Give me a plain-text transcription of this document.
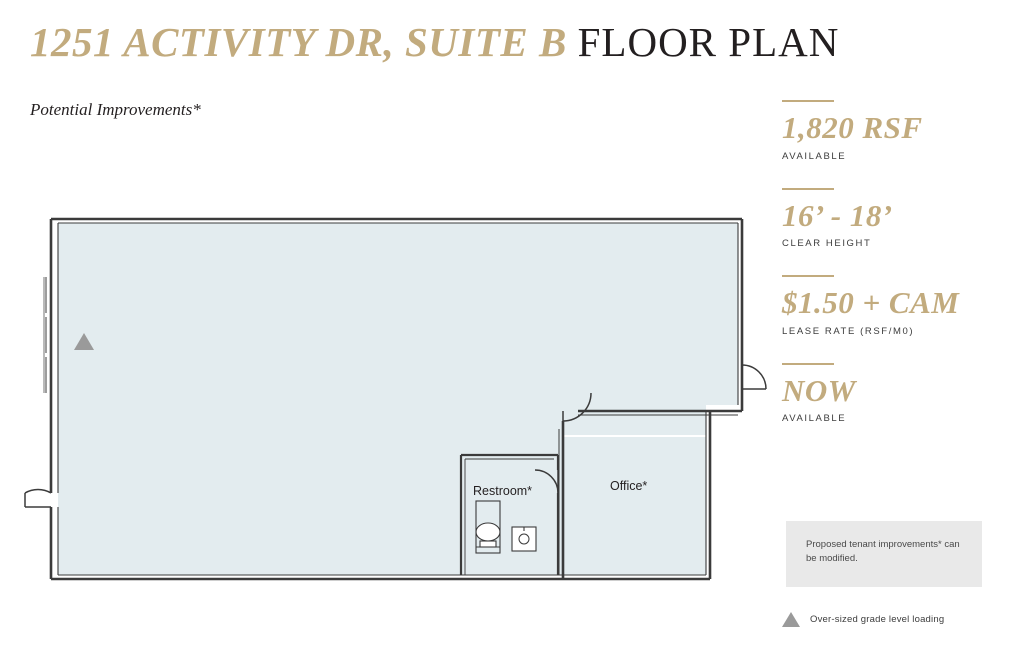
1251 ACTIVITY DR, SUITE B FLOOR PLAN
Potential Improvements*
Restroom*	Office*
1,820 RSF
AVAILABLE
16’ - 18’
CLEAR HEIGHT
$1.50 + CAM
LEASE RATE (RSF/M0)
NOW
AVAILABLE
Proposed tenant improvements* can be modified.
Over-sized grade level loading
